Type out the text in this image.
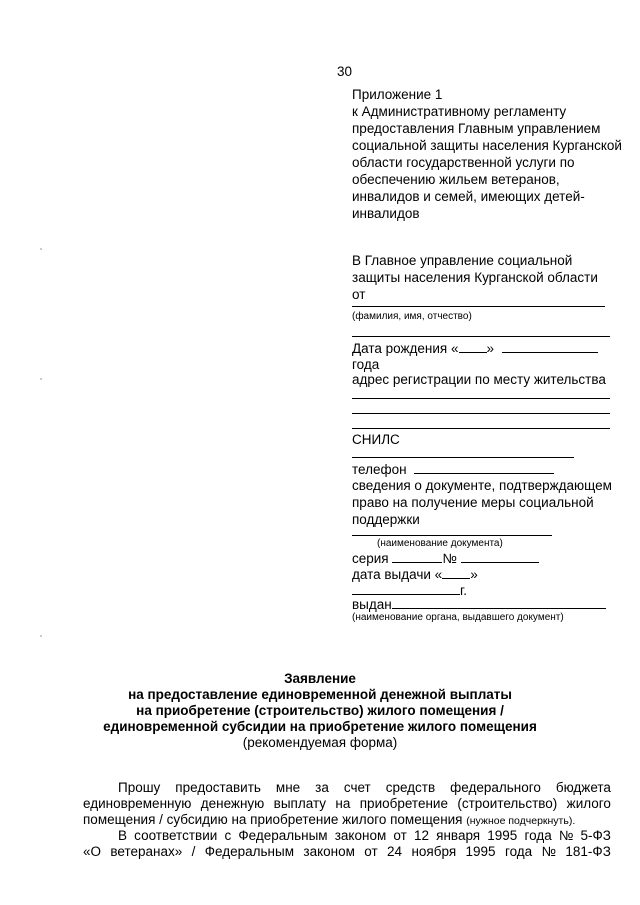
30
Приложение 1
к Административному регламенту
предоставления Главным управлением
социальной защиты населения Курганской
области государственной услуги по
обеспечению жильем ветеранов,
инвалидов и семей, имеющих детей-
инвалидов
В Главное управление социальной
защиты населения Курганской области
от
(фамилия, имя, отчество)
Дата рождения « »
года
адрес регистрации по месту жительства
СНИЛС
телефон
сведения о документе, подтверждающем
право на получение меры социальной
поддержки
(наименование документа)
серия	№
дата выдачи « »
г.
выдан
(наименование органа, выдавшего документ)
Заявление
на предоставление единовременной денежной выплаты
на приобретение (строительство) жилого помещения /
единовременной субсидии на приобретение жилого помещения
(рекомендуемая форма)
Прошу предоставить мне за счет средств федерального бюджета
единовременную денежную выплату на приобретение (строительство) жилого
помещения / субсидию на приобретение жилого помещения (нужное подчеркнуть).
В соответствии с Федеральным законом от 12 января 1995 года № 5-ФЗ
«О ветеранах» / Федеральным законом от 24 ноября 1995 года № 181-ФЗ
